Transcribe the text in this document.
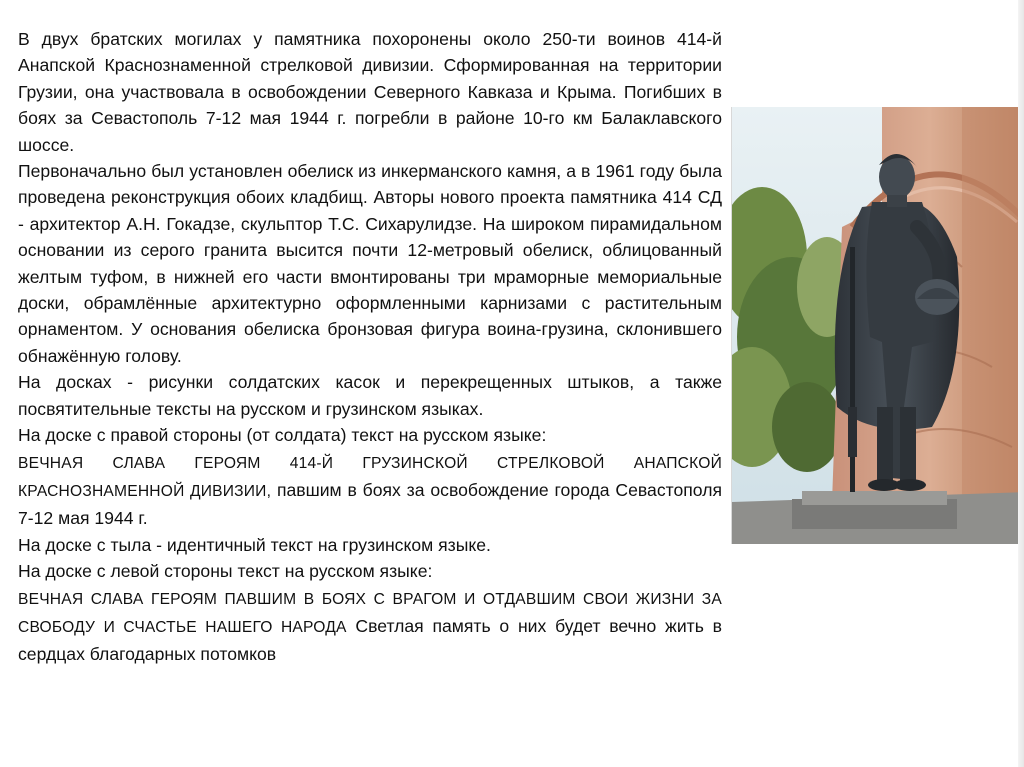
В двух братских могилах у памятника похоронены около 250-ти воинов 414-й Анапской Краснознаменной стрелковой дивизии. Сформированная на территории Грузии, она участвовала в освобождении Северного Кавказа и Крыма. Погибших в боях за Севастополь 7-12 мая 1944 г. погребли в районе 10-го км Балаклавского шоссе.

Первоначально был установлен обелиск из инкерманского камня, а в 1961 году была проведена реконструкция обоих кладбищ. Авторы нового проекта памятника 414 СД - архитектор А.Н. Гокадзе, скульптор Т.С. Сихарулидзе. На широком пирамидальном основании из серого гранита высится почти 12-метровый обелиск, облицованный желтым туфом, в нижней его части вмонтированы три мраморные мемориальные доски, обрамлённые архитектурно оформленными карнизами с растительным орнаментом. У основания обелиска бронзовая фигура воина-грузина, склонившего обнажённую голову.

На досках - рисунки солдатских касок и перекрещенных штыков, а также посвятительные тексты на русском и грузинском языках.

На доске с правой стороны (от солдата) текст на русском языке:

ВЕЧНАЯ СЛАВА ГЕРОЯМ 414-Й ГРУЗИНСКОЙ СТРЕЛКОВОЙ АНАПСКОЙ КРАСНОЗНАМЕННОЙ ДИВИЗИИ, павшим в боях за освобождение города Севастополя 7-12 мая 1944 г.

На доске с тыла - идентичный текст на грузинском языке.

На доске с левой стороны текст на русском языке:

ВЕЧНАЯ СЛАВА ГЕРОЯМ ПАВШИМ В БОЯХ С ВРАГОМ И ОТДАВШИМ СВОИ ЖИЗНИ ЗА СВОБОДУ И СЧАСТЬЕ НАШЕГО НАРОДА Светлая память о них будет вечно жить в сердцах благодарных потомков
